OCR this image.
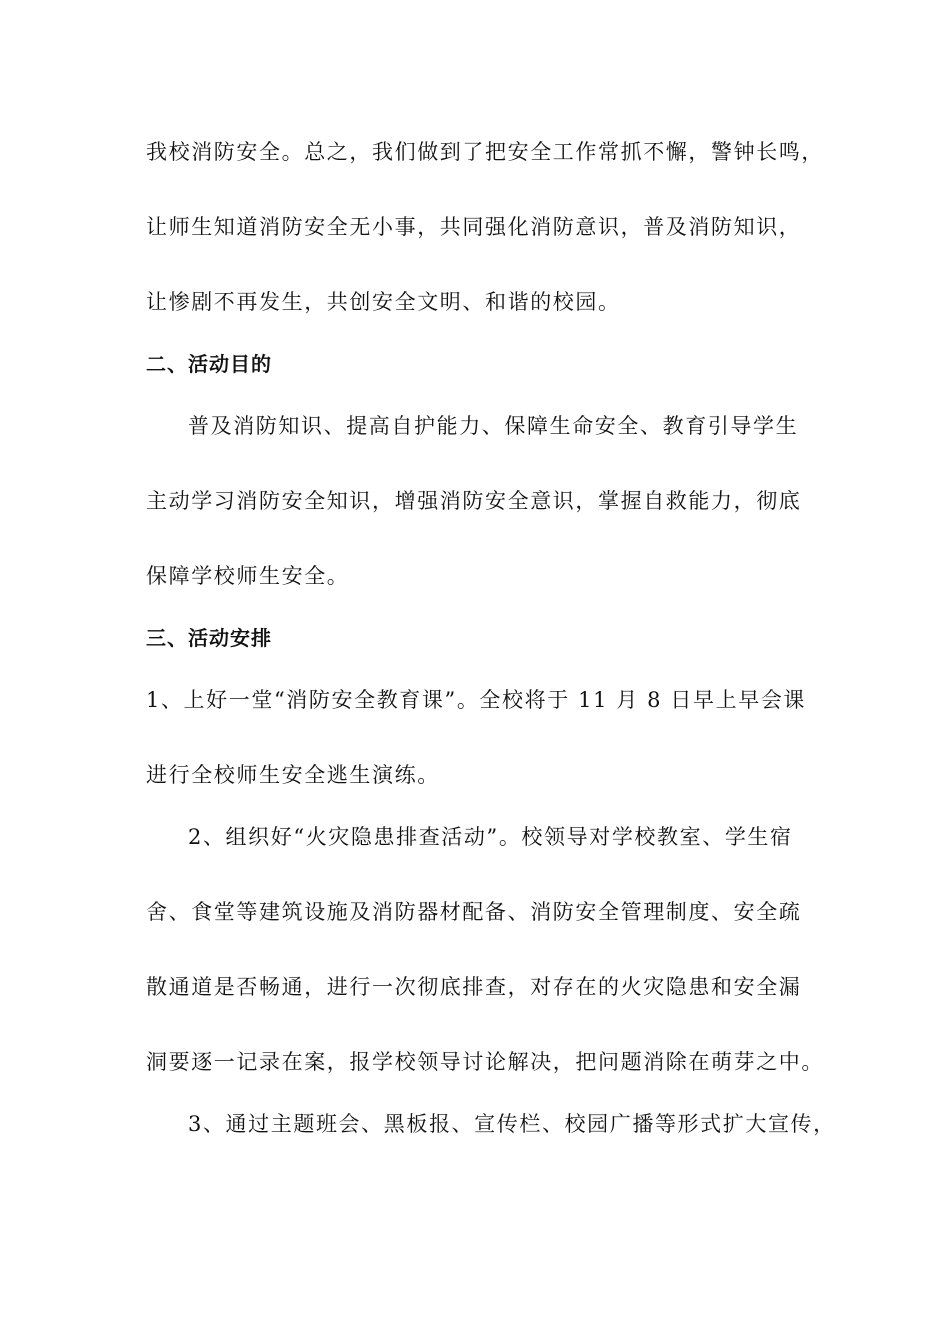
我校消防安全。总之，我们做到了把安全工作常抓不懈，警钟长鸣，
让师生知道消防安全无小事，共同强化消防意识，普及消防知识，
让惨剧不再发生，共创安全文明、和谐的校园。
二、活动目的
普及消防知识、提高自护能力、保障生命安全、教育引导学生
主动学习消防安全知识，增强消防安全意识，掌握自救能力，彻底
保障学校师生安全。
三、活动安排
1、上好一堂“消防安全教育课”。全校将于 11 月 8 日早上早会课
进行全校师生安全逃生演练。
2、组织好“火灾隐患排查活动”。校领导对学校教室、学生宿
舍、食堂等建筑设施及消防器材配备、消防安全管理制度、安全疏
散通道是否畅通，进行一次彻底排查，对存在的火灾隐患和安全漏
洞要逐一记录在案，报学校领导讨论解决，把问题消除在萌芽之中。
3、通过主题班会、黑板报、宣传栏、校园广播等形式扩大宣传，
